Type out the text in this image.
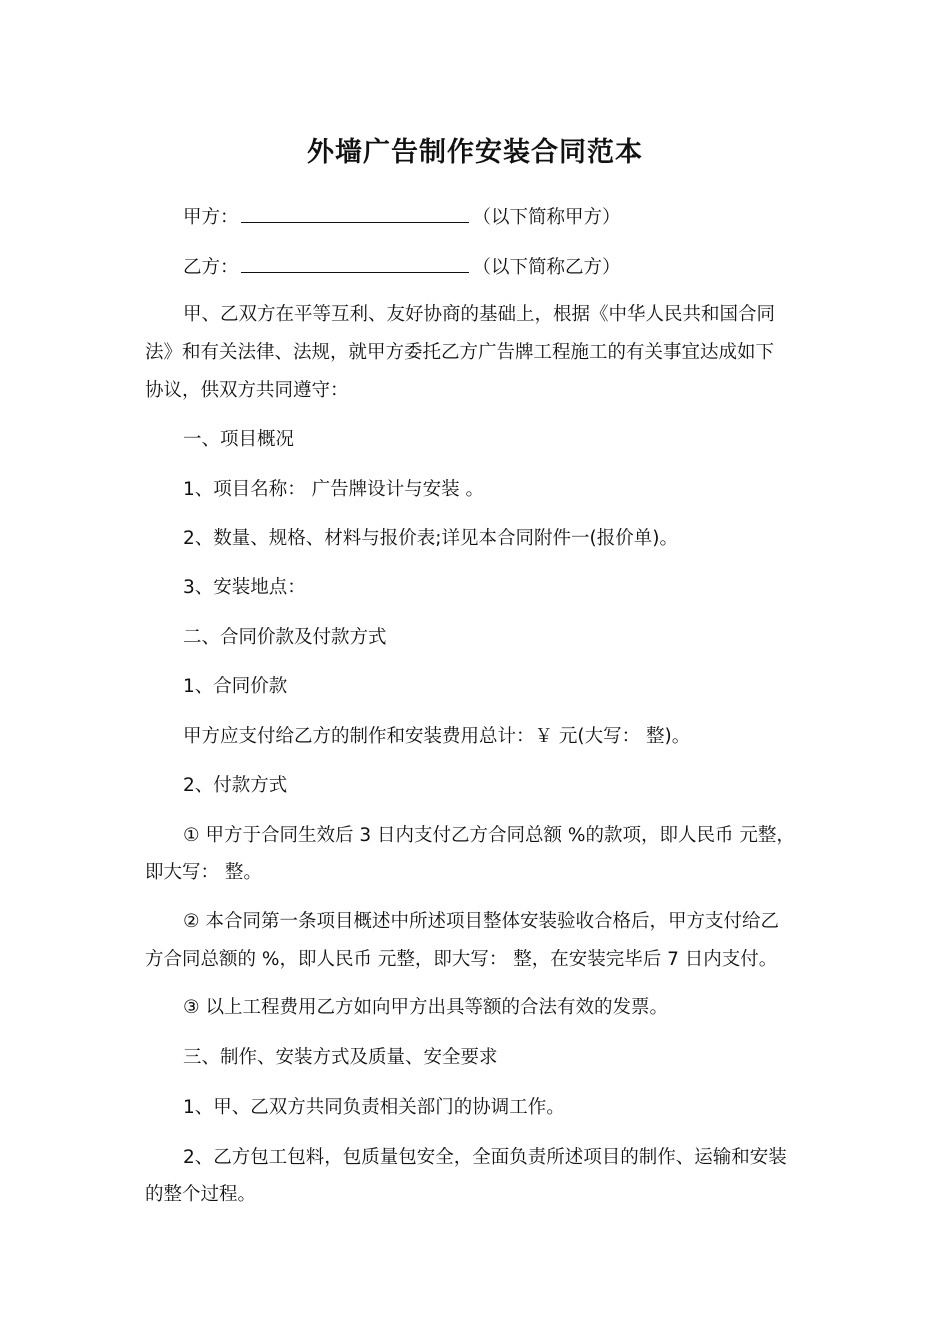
外墙广告制作安装合同范本
甲方：	（以下简称甲方）
乙方：	（以下简称乙方）
甲、乙双方在平等互利、友好协商的基础上，根据《中华人民共和国合同
法》和有关法律、法规，就甲方委托乙方广告牌工程施工的有关事宜达成如下
协议，供双方共同遵守：
一、项目概况
1、项目名称： 广告牌设计与安装 。
2、数量、规格、材料与报价表;详见本合同附件一(报价单)。
3、安装地点：
二、合同价款及付款方式
1、合同价款
甲方应支付给乙方的制作和安装费用总计：￥ 元(大写： 整)。
2、付款方式
① 甲方于合同生效后 3 日内支付乙方合同总额 %的款项，即人民币 元整，
即大写： 整。
② 本合同第一条项目概述中所述项目整体安装验收合格后，甲方支付给乙
方合同总额的 %，即人民币 元整，即大写： 整，在安装完毕后 7 日内支付。
③ 以上工程费用乙方如向甲方出具等额的合法有效的发票。
三、制作、安装方式及质量、安全要求
1、甲、乙双方共同负责相关部门的协调工作。
2、乙方包工包料，包质量包安全，全面负责所述项目的制作、运输和安装
的整个过程。
